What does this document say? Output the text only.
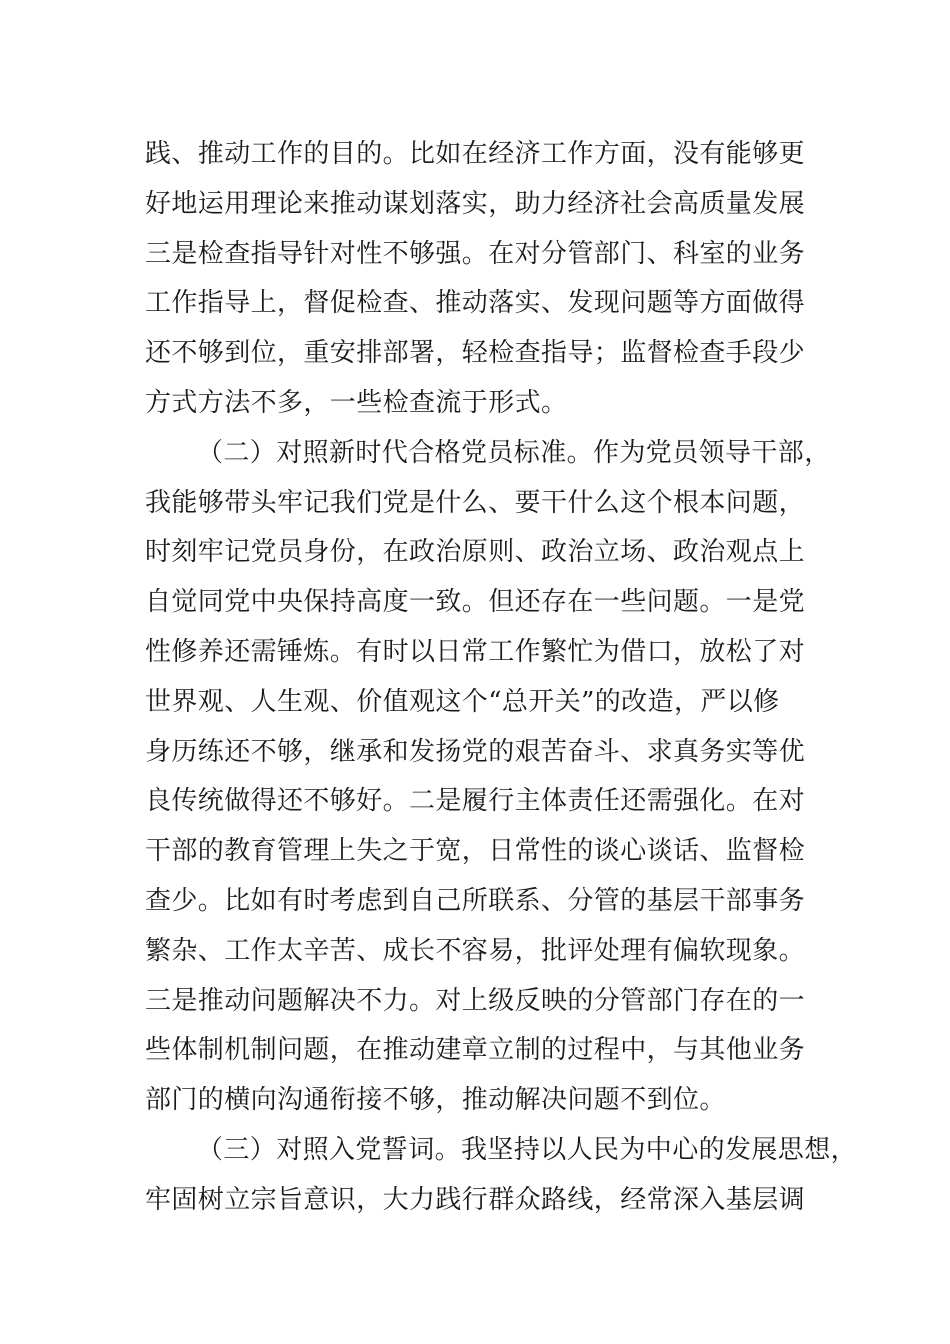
践、推动工作的目的。比如在经济工作方面，没有能够更
好地运用理论来推动谋划落实，助力经济社会高质量发展
三是检查指导针对性不够强。在对分管部门、科室的业务
工作指导上，督促检查、推动落实、发现问题等方面做得
还不够到位，重安排部署，轻检查指导；监督检查手段少
方式方法不多，一些检查流于形式。
（二）对照新时代合格党员标准。作为党员领导干部，
我能够带头牢记我们党是什么、要干什么这个根本问题，
时刻牢记党员身份，在政治原则、政治立场、政治观点上
自觉同党中央保持高度一致。但还存在一些问题。一是党
性修养还需锤炼。有时以日常工作繁忙为借口，放松了对
世界观、人生观、价值观这个“总开关”的改造，严以修
身历练还不够，继承和发扬党的艰苦奋斗、求真务实等优
良传统做得还不够好。二是履行主体责任还需强化。在对
干部的教育管理上失之于宽，日常性的谈心谈话、监督检
查少。比如有时考虑到自己所联系、分管的基层干部事务
繁杂、工作太辛苦、成长不容易，批评处理有偏软现象。
三是推动问题解决不力。对上级反映的分管部门存在的一
些体制机制问题，在推动建章立制的过程中，与其他业务
部门的横向沟通衔接不够，推动解决问题不到位。
（三）对照入党誓词。我坚持以人民为中心的发展思想，
牢固树立宗旨意识，大力践行群众路线，经常深入基层调
